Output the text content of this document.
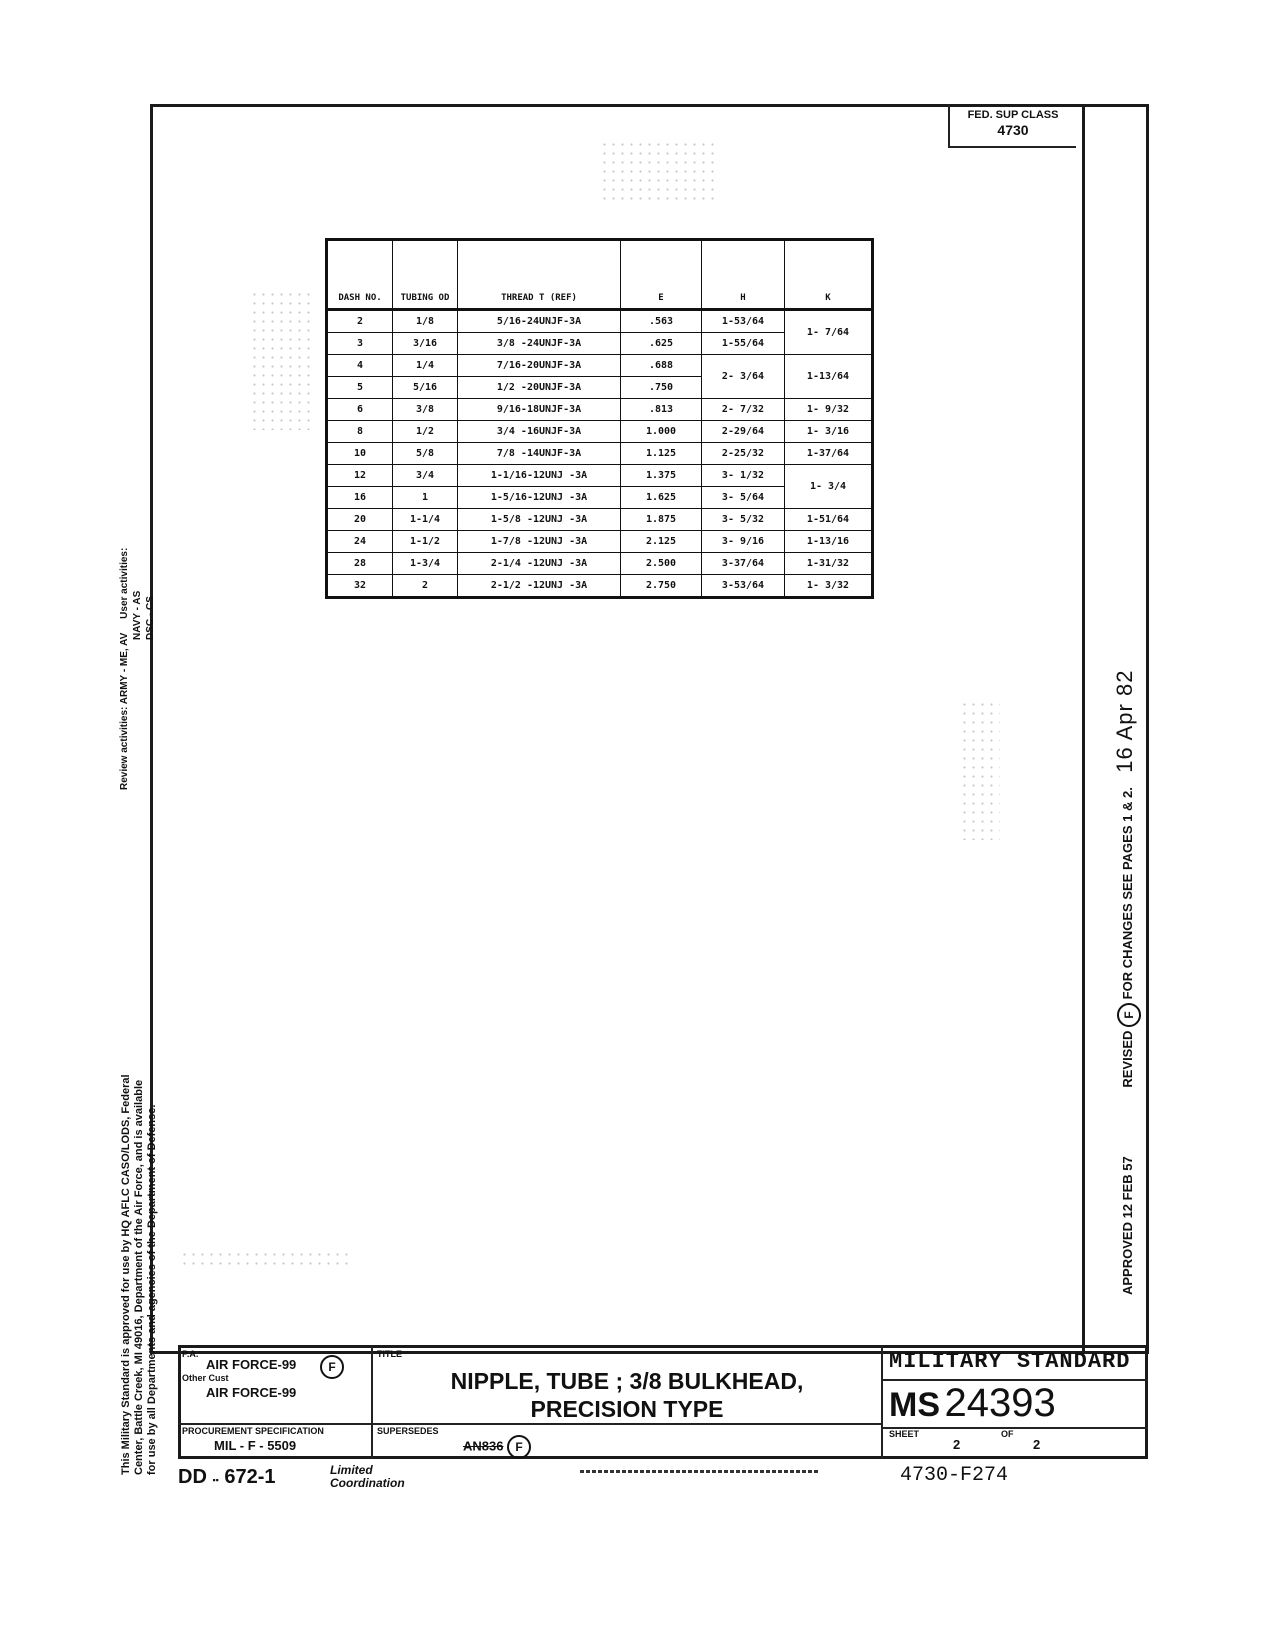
FED. SUP CLASS
4730
DASH NO.	TUBING OD	THREAD T (REF)	E	H	K
2	1/8	5/16-24UNJF-3A	.563	1-53/64	1- 7/64
3	3/16	3/8 -24UNJF-3A	.625	1-55/64	
4	1/4	7/16-20UNJF-3A	.688	2- 3/64	1-13/64
5	5/16	1/2 -20UNJF-3A	.750		
6	3/8	9/16-18UNJF-3A	.813	2- 7/32	1- 9/32
8	1/2	3/4 -16UNJF-3A	1.000	2-29/64	1- 3/16
10	5/8	7/8 -14UNJF-3A	1.125	2-25/32	1-37/64
12	3/4	1-1/16-12UNJ -3A	1.375	3- 1/32	1- 3/4
16	1	1-5/16-12UNJ -3A	1.625	3- 5/64	
20	1-1/4	1-5/8 -12UNJ -3A	1.875	3- 5/32	1-51/64
24	1-1/2	1-7/8 -12UNJ -3A	2.125	3- 9/16	1-13/16
28	1-3/4	2-1/4 -12UNJ -3A	2.500	3-37/64	1-31/32
32	2	2-1/2 -12UNJ -3A	2.750	3-53/64	1- 3/32
This Military Standard is approved for use by HQ AFLC CASO/LODS, Federal Center, Battle Creek, MI 49016, Department of the Air Force, and is available for use by all Departments and agencies of the Department of Defense.
Review activities: ARMY - ME, AV     User activities: NAVY - AS DSC - CS
APPROVED 12 FEB 57                   REVISED F FOR CHANGES SEE PAGES 1 & 2.    16 Apr 82
P.A.
AIR FORCE-99	F
Other Cust
AIR FORCE-99
PROCUREMENT SPECIFICATION
MIL - F - 5509
TITLE
NIPPLE, TUBE ; 3/8 BULKHEAD,
PRECISION TYPE
SUPERSEDES
AN836 F
MILITARY STANDARD
MS 24393
SHEET
2
OF
2
DD ▪▪ 672-1	Limited
Coordination	4730-F274
